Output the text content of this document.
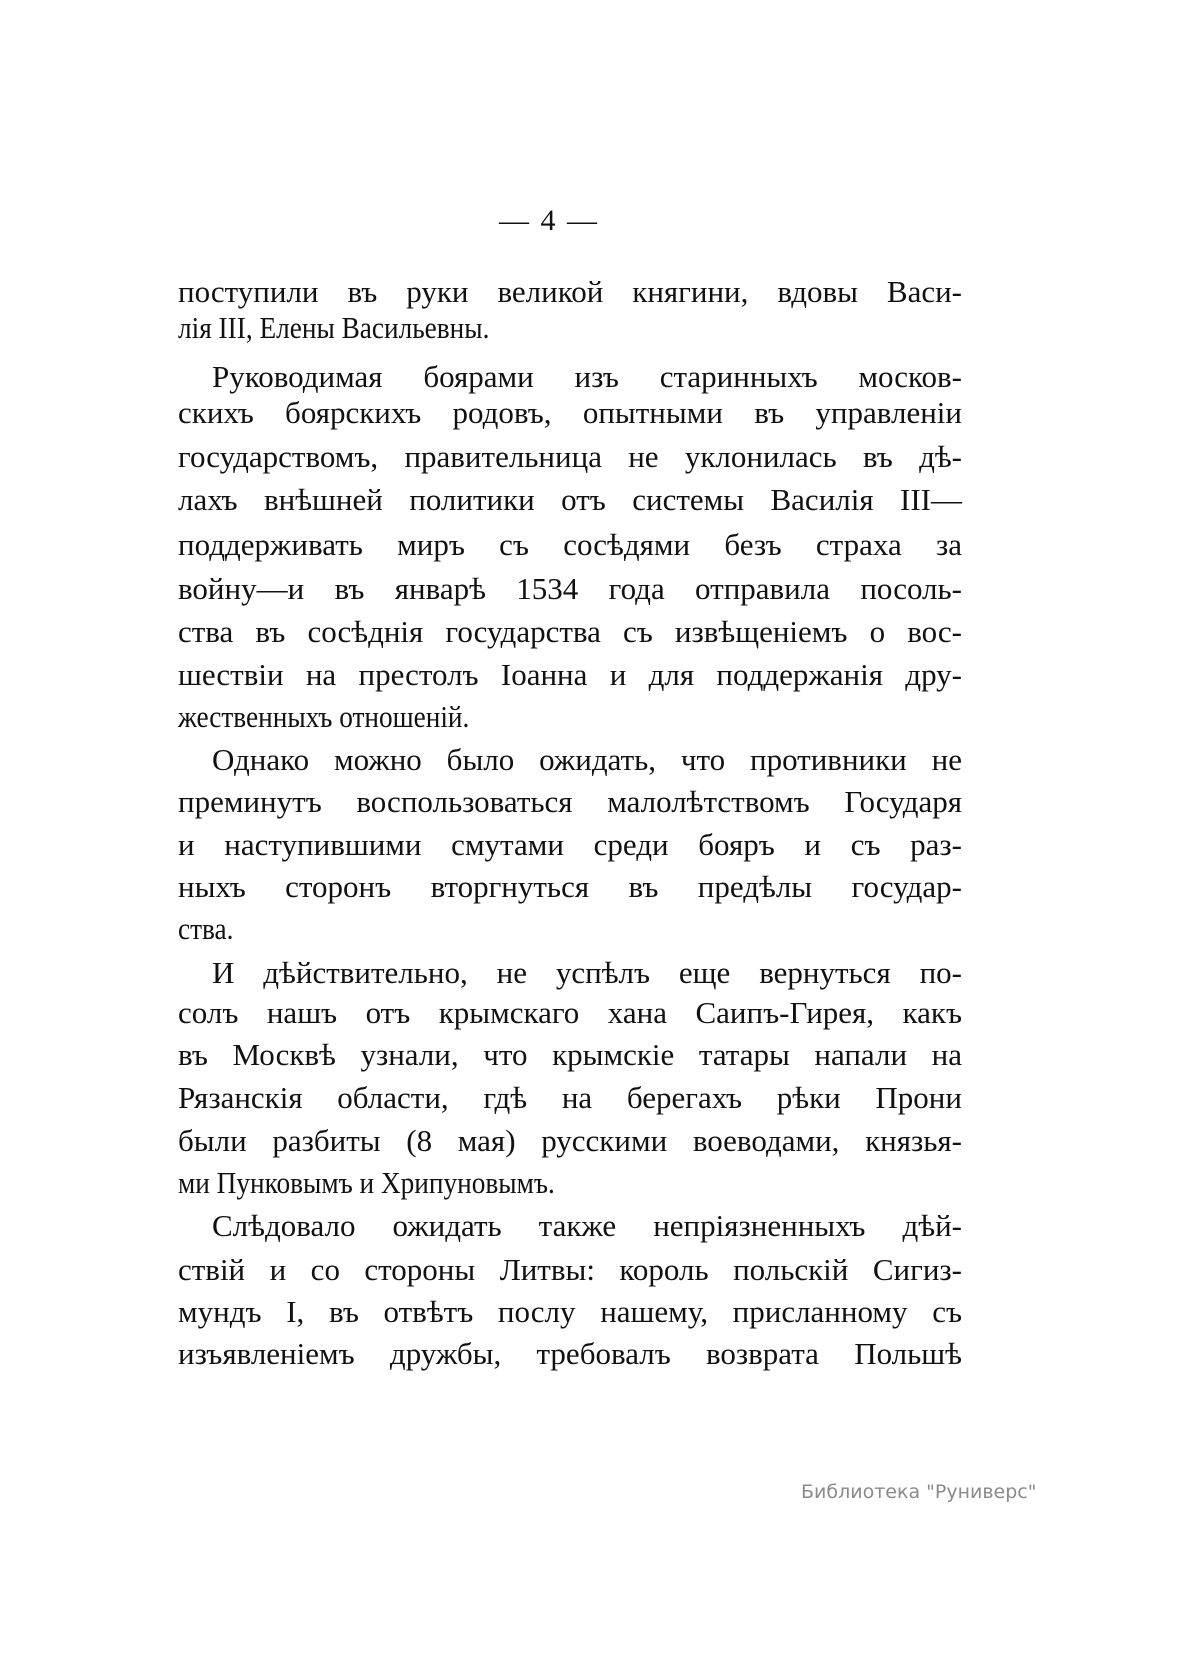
— 4 —
поступили въ руки великой княгини, вдовы Васи-
лія III, Елены Васильевны.
Руководимая боярами изъ старинныхъ москов-
скихъ боярскихъ родовъ, опытными въ управленіи
государствомъ, правительница не уклонилась въ дѣ-
лахъ внѣшней политики отъ системы Василія III—
поддерживать миръ съ сосѣдями безъ страха за
войну—и въ январѣ 1534 года отправила посоль-
ства въ сосѣднія государства съ извѣщеніемъ о вос-
шествіи на престолъ Іоанна и для поддержанія дру-
жественныхъ отношеній.
Однако можно было ожидать, что противники не
преминутъ воспользоваться малолѣтствомъ Государя
и наступившими смутами среди бояръ и съ раз-
ныхъ сторонъ вторгнуться въ предѣлы государ-
ства.
И дѣйствительно, не успѣлъ еще вернуться по-
солъ нашъ отъ крымскаго хана Саипъ-Гирея, какъ
въ Москвѣ узнали, что крымскіе татары напали на
Рязанскія области, гдѣ на берегахъ рѣки Прони
были разбиты (8 мая) русскими воеводами, князья-
ми Пунковымъ и Хрипуновымъ.
Слѣдовало ожидать также непріязненныхъ дѣй-
ствій и со стороны Литвы: король польскій Сигиз-
мундъ I, въ отвѣтъ послу нашему, присланному съ
изъявленіемъ дружбы, требовалъ возврата Польшѣ
Библиотека "Руниверс"
